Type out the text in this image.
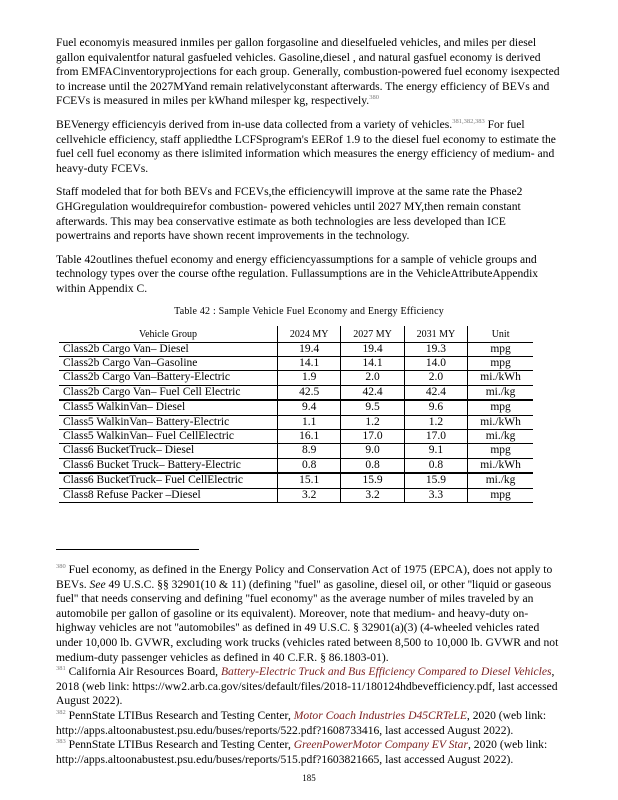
Fuel economyis measured inmiles per gallon forgasoline and dieselfueled vehicles, and miles per diesel gallon equivalentfor natural gasfueled vehicles. Gasoline,diesel , and natural gasfuel economy is derived from EMFACinventoryprojections for each group. Generally, combustion-powered fuel economy isexpected to increase until the 2027MYand remain relativelyconstant afterwards. The energy efficiency of BEVs and FCEVs is measured in miles per kWhand milesper kg, respectively.$^{380}$

BEVenergy efficiencyis derived from in-use data collected from a variety of vehicles.$^{381,382,383}$ For fuel cellvehicle efficiency, staff appliedthe LCFSprogram's EERof 1.9 to the diesel fuel economy to estimate the fuel cell fuel economy as there islimited information which measures the energy efficiency of medium- and heavy-duty FCEVs.

Staff modeled that for both BEVs and FCEVs,the efficiencywill improve at the same rate the Phase2 GHGregulation wouldrequirefor combustion- powered vehicles until 2027 MY,then remain constant afterwards. This may bea conservative estimate as both technologies are less developed than ICE powertrains and reports have shown recent improvements in the technology.

Table 42outlines thefuel economy and energy efficiencyassumptions for a sample of vehicle groups and technology types over the course ofthe regulation. Fullassumptions are in the VehicleAttributeAppendix within Appendix C.

Table 42 : Sample Vehicle Fuel Economy and Energy Efficiency
Vehicle Group	2024 MY	2027 MY	2031 MY	Unit
Class2b Cargo Van– Diesel	19.4	19.4	19.3	mpg
Class2b Cargo Van–Gasoline	14.1	14.1	14.0	mpg
Class2b Cargo Van–Battery-Electric	1.9	2.0	2.0	mi./kWh
Class2b Cargo Van– Fuel Cell Electric	42.5	42.4	42.4	mi./kg
Class5 WalkinVan– Diesel	9.4	9.5	9.6	mpg
Class5 WalkinVan– Battery-Electric	1.1	1.2	1.2	mi./kWh
Class5 WalkinVan– Fuel CellElectric	16.1	17.0	17.0	mi./kg
Class6 BucketTruck– Diesel	8.9	9.0	9.1	mpg
Class6 Bucket Truck– Battery-Electric	0.8	0.8	0.8	mi./kWh
Class6 BucketTruck– Fuel CellElectric	15.1	15.9	15.9	mi./kg
Class8 Refuse Packer –Diesel	3.2	3.2	3.3	mpg

$^{380}$ Fuel economy, as defined in the Energy Policy and Conservation Act of 1975 (EPCA), does not apply to BEVs. See 49 U.S.C. §§ 32901(10 & 11) (defining ''fuel'' as gasoline, diesel oil, or other ''liquid or gaseous fuel'' that needs conserving and defining ''fuel economy'' as the average number of miles traveled by an automobile per gallon of gasoline or its equivalent). Moreover, note that medium- and heavy-duty on-highway vehicles are not ''automobiles'' as defined in 49 U.S.C. § 32901(a)(3) (4-wheeled vehicles rated under 10,000 lb. GVWR, excluding work trucks (vehicles rated between 8,500 to 10,000 lb. GVWR and not medium-duty passenger vehicles as defined in 40 C.F.R. § 86.1803-01).

$^{381}$ California Air Resources Board, Battery-Electric Truck and Bus Efficiency Compared to Diesel Vehicles, 2018 (web link: https://ww2.arb.ca.gov/sites/default/files/2018-11/180124hdbevefficiency.pdf, last accessed August 2022).

$^{382}$ PennState LTIBus Research and Testing Center, Motor Coach Industries D45CRTeLE, 2020 (web link: http://apps.altoonabustest.psu.edu/buses/reports/522.pdf?1608733416, last accessed August 2022).

$^{383}$ PennState LTIBus Research and Testing Center, GreenPowerMotor Company EV Star, 2020 (web link: http://apps.altoonabustest.psu.edu/buses/reports/515.pdf?1603821665, last accessed August 2022).

185
